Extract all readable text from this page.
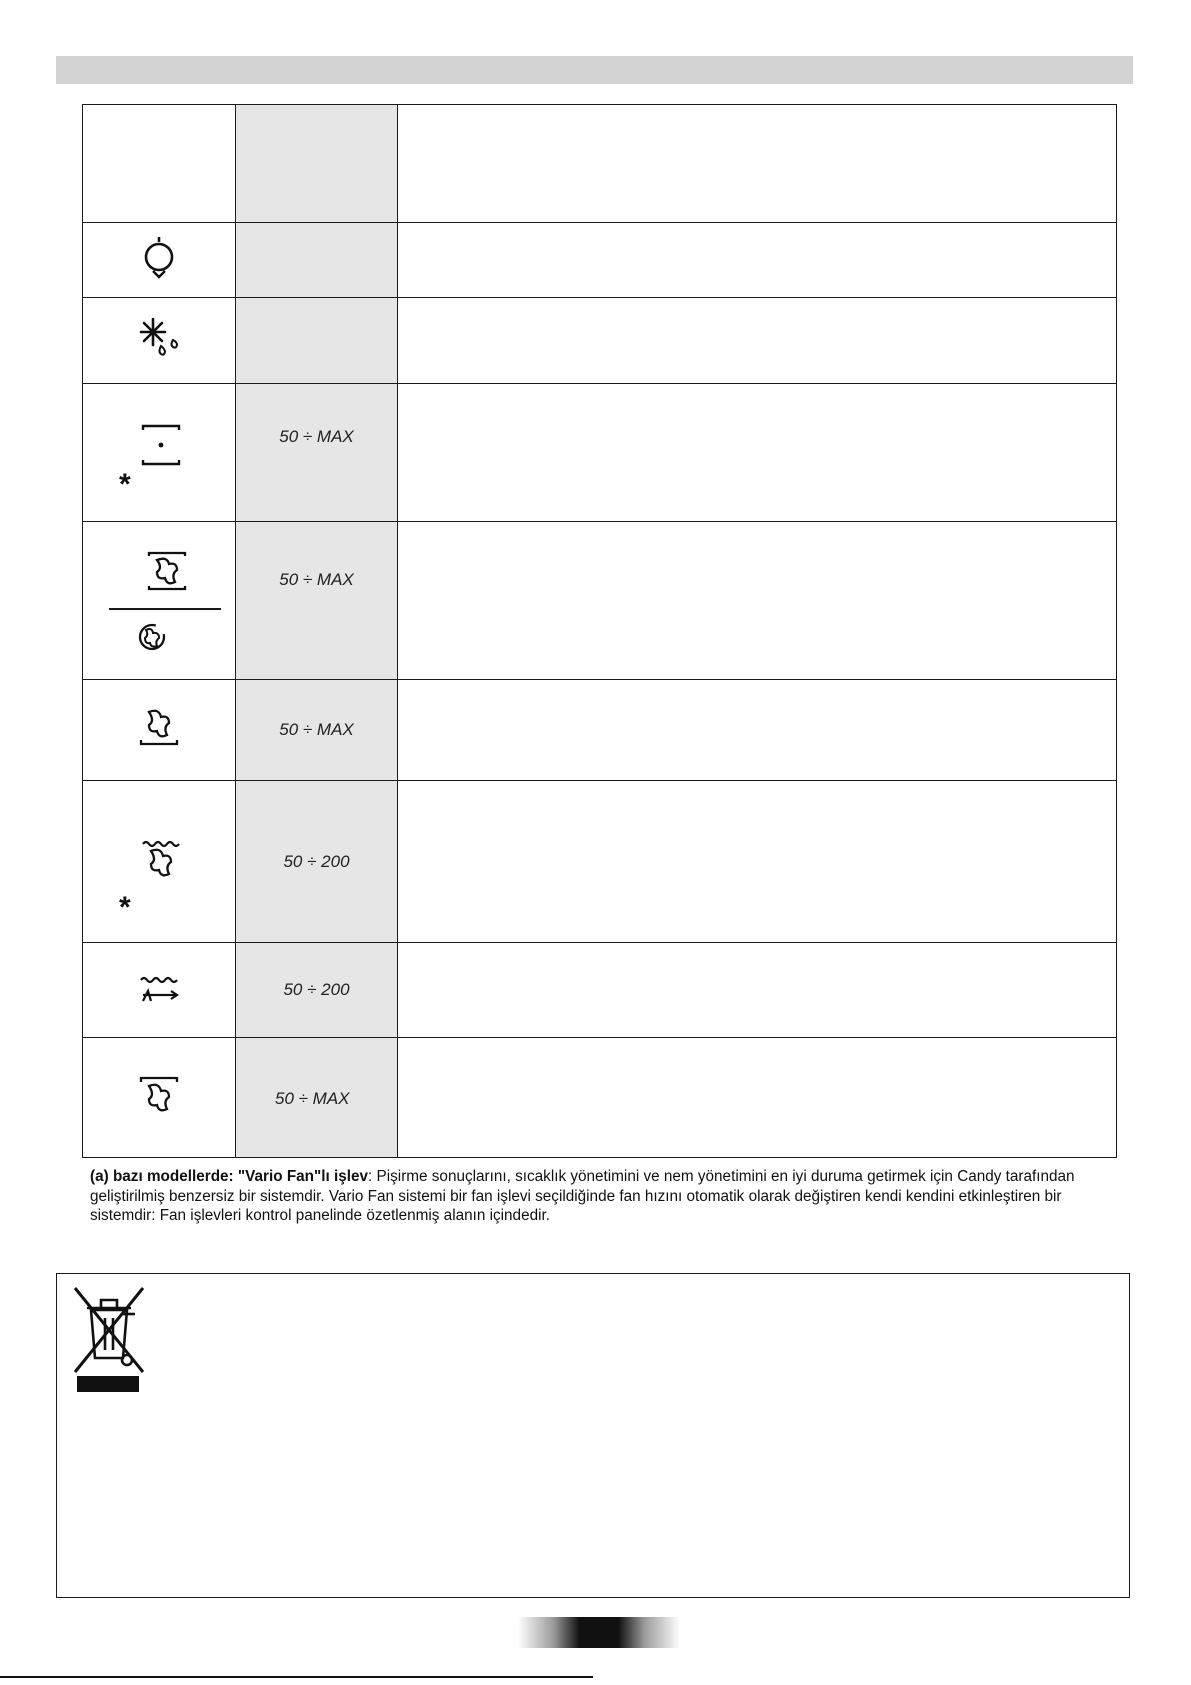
*
50 ÷ MAX
50 ÷ MAX
50 ÷ MAX
*
50 ÷ 200
50 ÷ 200
50 ÷ MAX
(a) bazı modellerde: "Vario Fan"lı işlev: Pişirme sonuçlarını, sıcaklık yönetimini ve nem yönetimini en iyi duruma getirmek için Candy tarafından geliştirilmiş benzersiz bir sistemdir. Vario Fan sistemi bir fan işlevi seçildiğinde fan hızını otomatik olarak değiştiren kendi kendini etkinleştiren bir sistemdir: Fan işlevleri kontrol panelinde özetlenmiş alanın içindedir.
